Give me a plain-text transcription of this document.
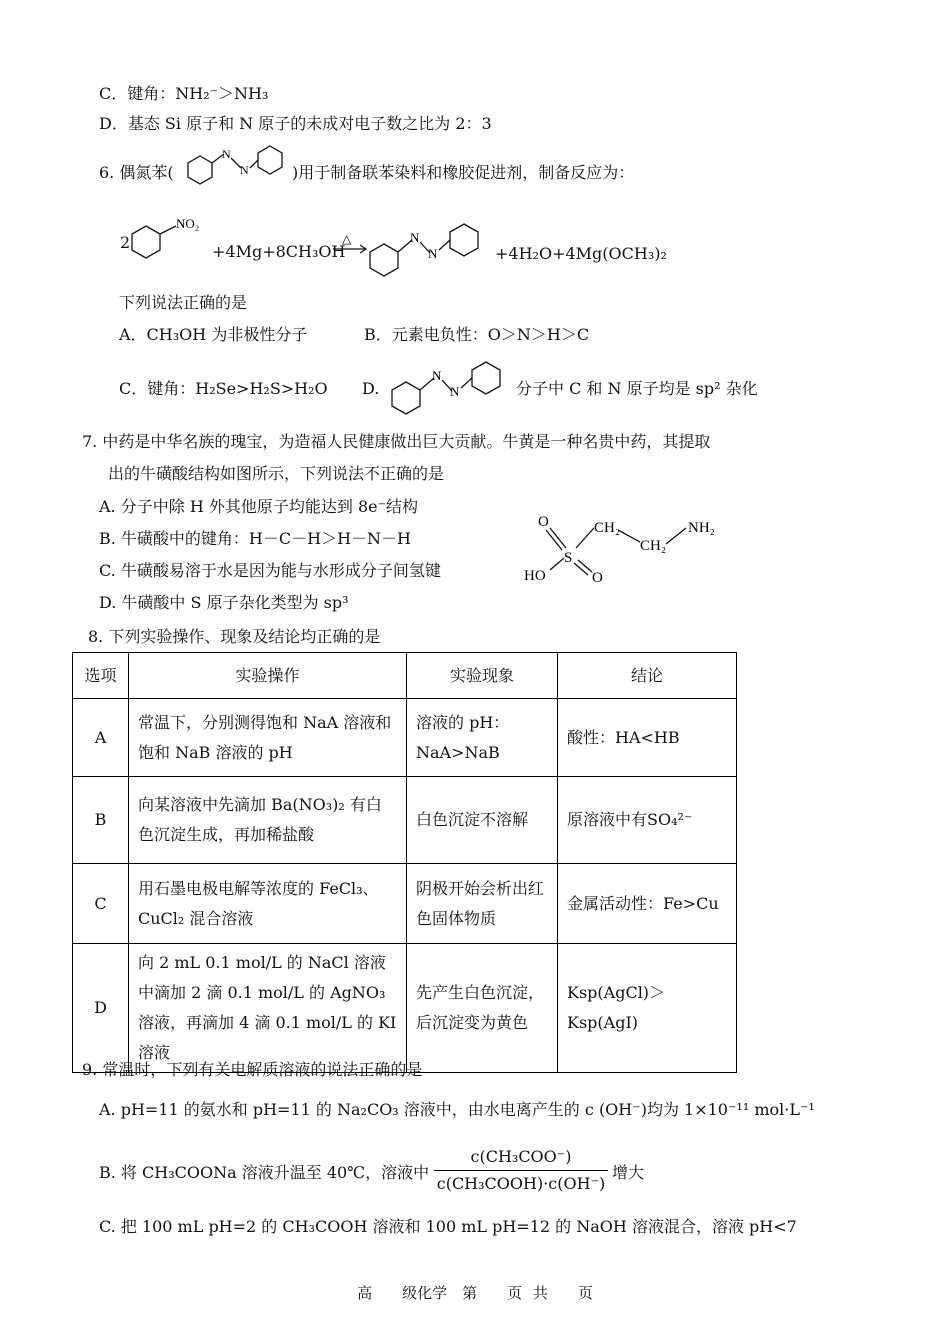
C．键角：NH₂⁻＞NH₃
D．基态 Si 原子和 N 原子的未成对电子数之比为 2：3
6. 偶氮苯(
N
N	)用于制备联苯染料和橡胶促进剂，制备反应为：
2
NO₂
+4Mg+8CH₃OH
△	N
N	+4H₂O+4Mg(OCH₃)₂
下列说法正确的是
A．CH₃OH 为非极性分子	B．元素电负性：O＞N＞H＞C
C．键角：H₂Se>H₂S>H₂O D.
N
N	分子中 C 和 N 原子均是 sp² 杂化
7. 中药是中华名族的瑰宝，为造福人民健康做出巨大贡献。牛黄是一种名贵中药，其提取
出的牛磺酸结构如图所示，下列说法不正确的是
A. 分子中除 H 外其他原子均能达到 8e⁻结构
B. 牛磺酸中的键角：H－C－H＞H－N－H
C. 牛磺酸易溶于水是因为能与水形成分子间氢键
D. 牛磺酸中 S 原子杂化类型为 sp³
O
S
CH₂
CH₂
NH₂
HO	O
8. 下列实验操作、现象及结论均正确的是
选项	实验操作	实验现象	结论
A	常温下，分别测得饱和 NaA 溶液和饱和 NaB 溶液的 pH	溶液的 pH：NaA>NaB	酸性：HA<HB
B	向某溶液中先滴加 Ba(NO₃)₂ 有白色沉淀生成，再加稀盐酸	白色沉淀不溶解	原溶液中有SO₄²⁻
C	用石墨电极电解等浓度的 FeCl₃、CuCl₂ 混合溶液	阴极开始会析出红色固体物质	金属活动性：Fe>Cu
D	向 2 mL 0.1 mol/L 的 NaCl 溶液中滴加 2 滴 0.1 mol/L 的 AgNO₃ 溶液，再滴加 4 滴 0.1 mol/L 的 KI 溶液	先产生白色沉淀，后沉淀变为黄色	Ksp(AgCl)＞Ksp(AgI)
9. 常温时，下列有关电解质溶液的说法正确的是
A. pH=11 的氨水和 pH=11 的 Na₂CO₃ 溶液中，由水电离产生的 c (OH⁻)均为 1×10⁻¹¹ mol·L⁻¹
B. 将 CH₃COONa 溶液升温至 40℃，溶液中
c(CH₃COO⁻)
c(CH₃COOH)·c(OH⁻)
增大
C. 把 100 mL pH=2 的 CH₃COOH 溶液和 100 mL pH=12 的 NaOH 溶液混合，溶液 pH<7
高　　级化学　第　　页 共　　页
